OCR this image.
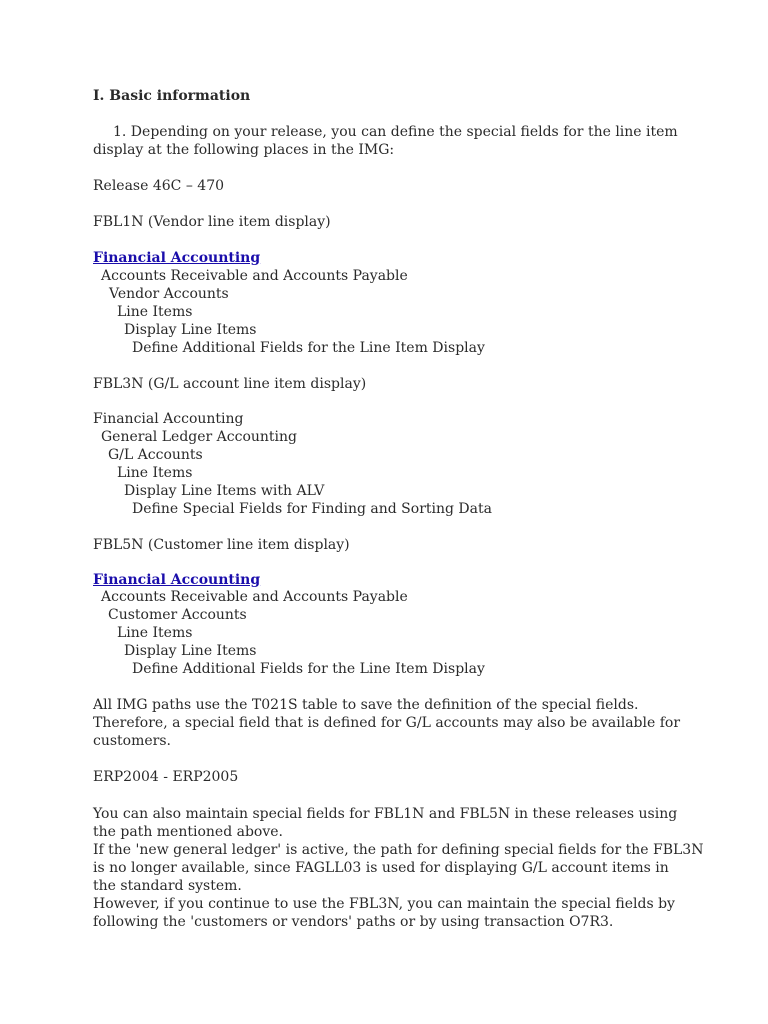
I. Basic information
1. Depending on your release, you can define the special fields for the line item
display at the following places in the IMG:
Release 46C – 470
FBL1N (Vendor line item display)
Financial Accounting
Accounts Receivable and Accounts Payable
Vendor Accounts
Line Items
Display Line Items
Define Additional Fields for the Line Item Display
FBL3N (G/L account line item display)
Financial Accounting
General Ledger Accounting
G/L Accounts
Line Items
Display Line Items with ALV
Define Special Fields for Finding and Sorting Data
FBL5N (Customer line item display)
Financial Accounting
Accounts Receivable and Accounts Payable
Customer Accounts
Line Items
Display Line Items
Define Additional Fields for the Line Item Display
All IMG paths use the T021S table to save the definition of the special fields.
Therefore, a special field that is defined for G/L accounts may also be available for
customers.
ERP2004 - ERP2005
You can also maintain special fields for FBL1N and FBL5N in these releases using
the path mentioned above.
If the 'new general ledger' is active, the path for defining special fields for the FBL3N
is no longer available, since FAGLL03 is used for displaying G/L account items in
the standard system.
However, if you continue to use the FBL3N, you can maintain the special fields by
following the 'customers or vendors' paths or by using transaction O7R3.
